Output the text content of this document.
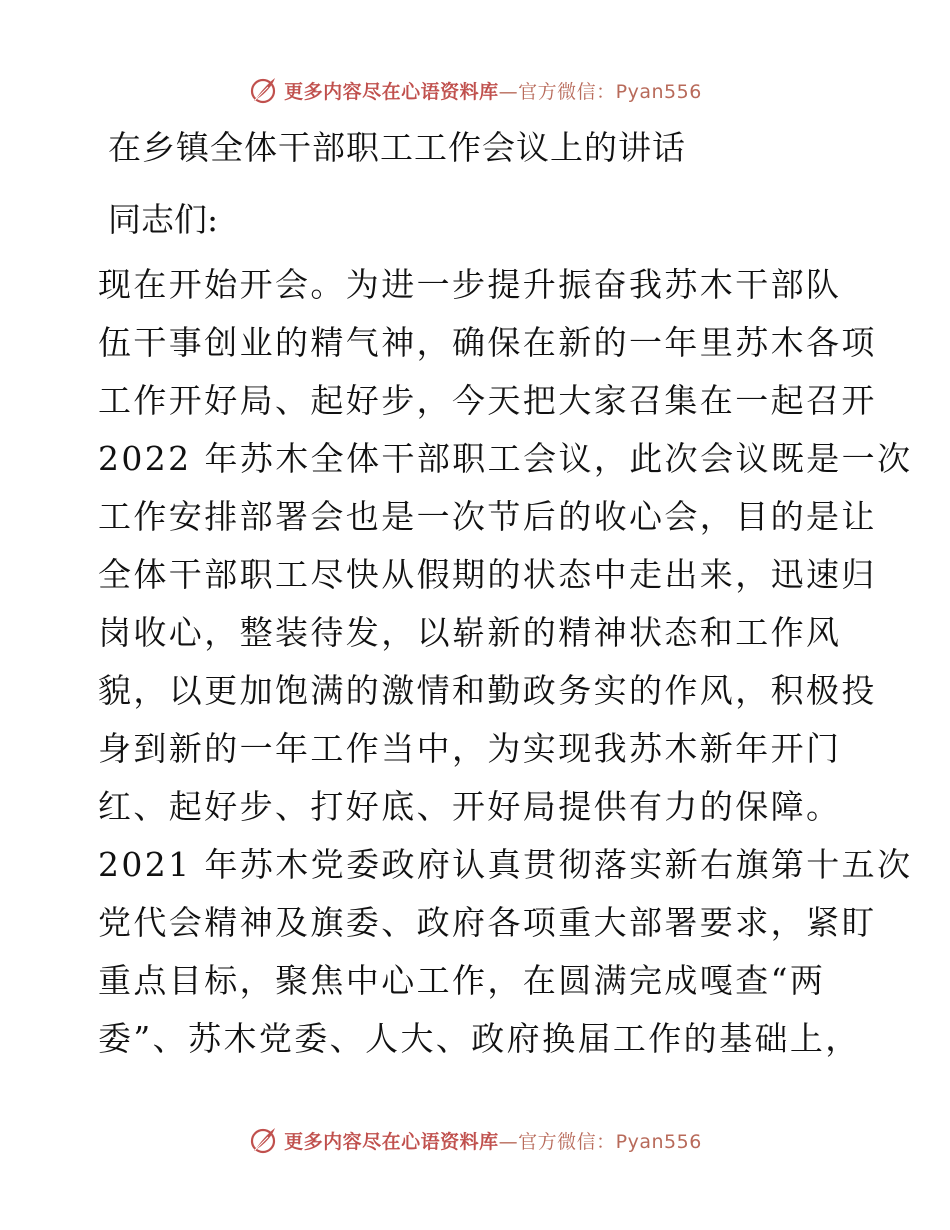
更多内容尽在心语资料库—官方微信：Pyan556
在乡镇全体干部职工工作会议上的讲话
同志们:
现在开始开会。为进一步提升振奋我苏木干部队
伍干事创业的精气神，确保在新的一年里苏木各项
工作开好局、起好步，今天把大家召集在一起召开
2022 年苏木全体干部职工会议，此次会议既是一次
工作安排部署会也是一次节后的收心会，目的是让
全体干部职工尽快从假期的状态中走出来，迅速归
岗收心，整装待发，以崭新的精神状态和工作风
貌，以更加饱满的激情和勤政务实的作风，积极投
身到新的一年工作当中，为实现我苏木新年开门
红、起好步、打好底、开好局提供有力的保障。
2021 年苏木党委政府认真贯彻落实新右旗第十五次
党代会精神及旗委、政府各项重大部署要求，紧盯
重点目标，聚焦中心工作，在圆满完成嘎查“两
委”、苏木党委、人大、政府换届工作的基础上，
更多内容尽在心语资料库—官方微信：Pyan556
